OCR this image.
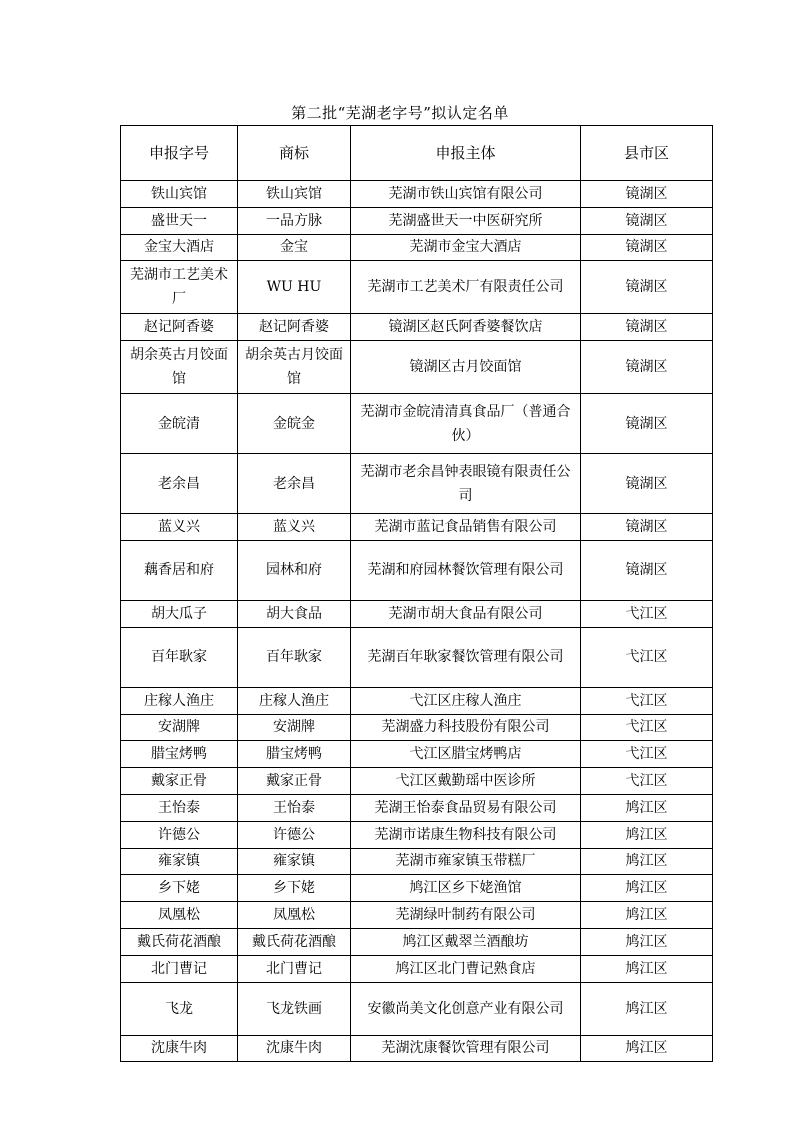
第二批“芜湖老字号”拟认定名单
申报字号	商标	申报主体	县市区
铁山宾馆	铁山宾馆	芜湖市铁山宾馆有限公司	镜湖区
盛世天一	一品方脉	芜湖盛世天一中医研究所	镜湖区
金宝大酒店	金宝	芜湖市金宝大酒店	镜湖区
芜湖市工艺美术厂	WU HU	芜湖市工艺美术厂有限责任公司	镜湖区
赵记阿香婆	赵记阿香婆	镜湖区赵氏阿香婆餐饮店	镜湖区
胡余英古月饺面馆	胡余英古月饺面馆	镜湖区古月饺面馆	镜湖区
金皖清	金皖金	芜湖市金皖清清真食品厂（普通合伙）	镜湖区
老余昌	老余昌	芜湖市老余昌钟表眼镜有限责任公司	镜湖区
蓝义兴	蓝义兴	芜湖市蓝记食品销售有限公司	镜湖区
藕香居和府	园林和府	芜湖和府园林餐饮管理有限公司	镜湖区
胡大瓜子	胡大食品	芜湖市胡大食品有限公司	弋江区
百年耿家	百年耿家	芜湖百年耿家餐饮管理有限公司	弋江区
庄稼人渔庄	庄稼人渔庄	弋江区庄稼人渔庄	弋江区
安湖牌	安湖牌	芜湖盛力科技股份有限公司	弋江区
腊宝烤鸭	腊宝烤鸭	弋江区腊宝烤鸭店	弋江区
戴家正骨	戴家正骨	弋江区戴勤瑶中医诊所	弋江区
王怡泰	王怡泰	芜湖王怡泰食品贸易有限公司	鸠江区
许德公	许德公	芜湖市诺康生物科技有限公司	鸠江区
雍家镇	雍家镇	芜湖市雍家镇玉带糕厂	鸠江区
乡下姥	乡下姥	鸠江区乡下姥渔馆	鸠江区
凤凰松	凤凰松	芜湖绿叶制药有限公司	鸠江区
戴氏荷花酒酿	戴氏荷花酒酿	鸠江区戴翠兰酒酿坊	鸠江区
北门曹记	北门曹记	鸠江区北门曹记熟食店	鸠江区
飞龙	飞龙铁画	安徽尚美文化创意产业有限公司	鸠江区
沈康牛肉	沈康牛肉	芜湖沈康餐饮管理有限公司	鸠江区
